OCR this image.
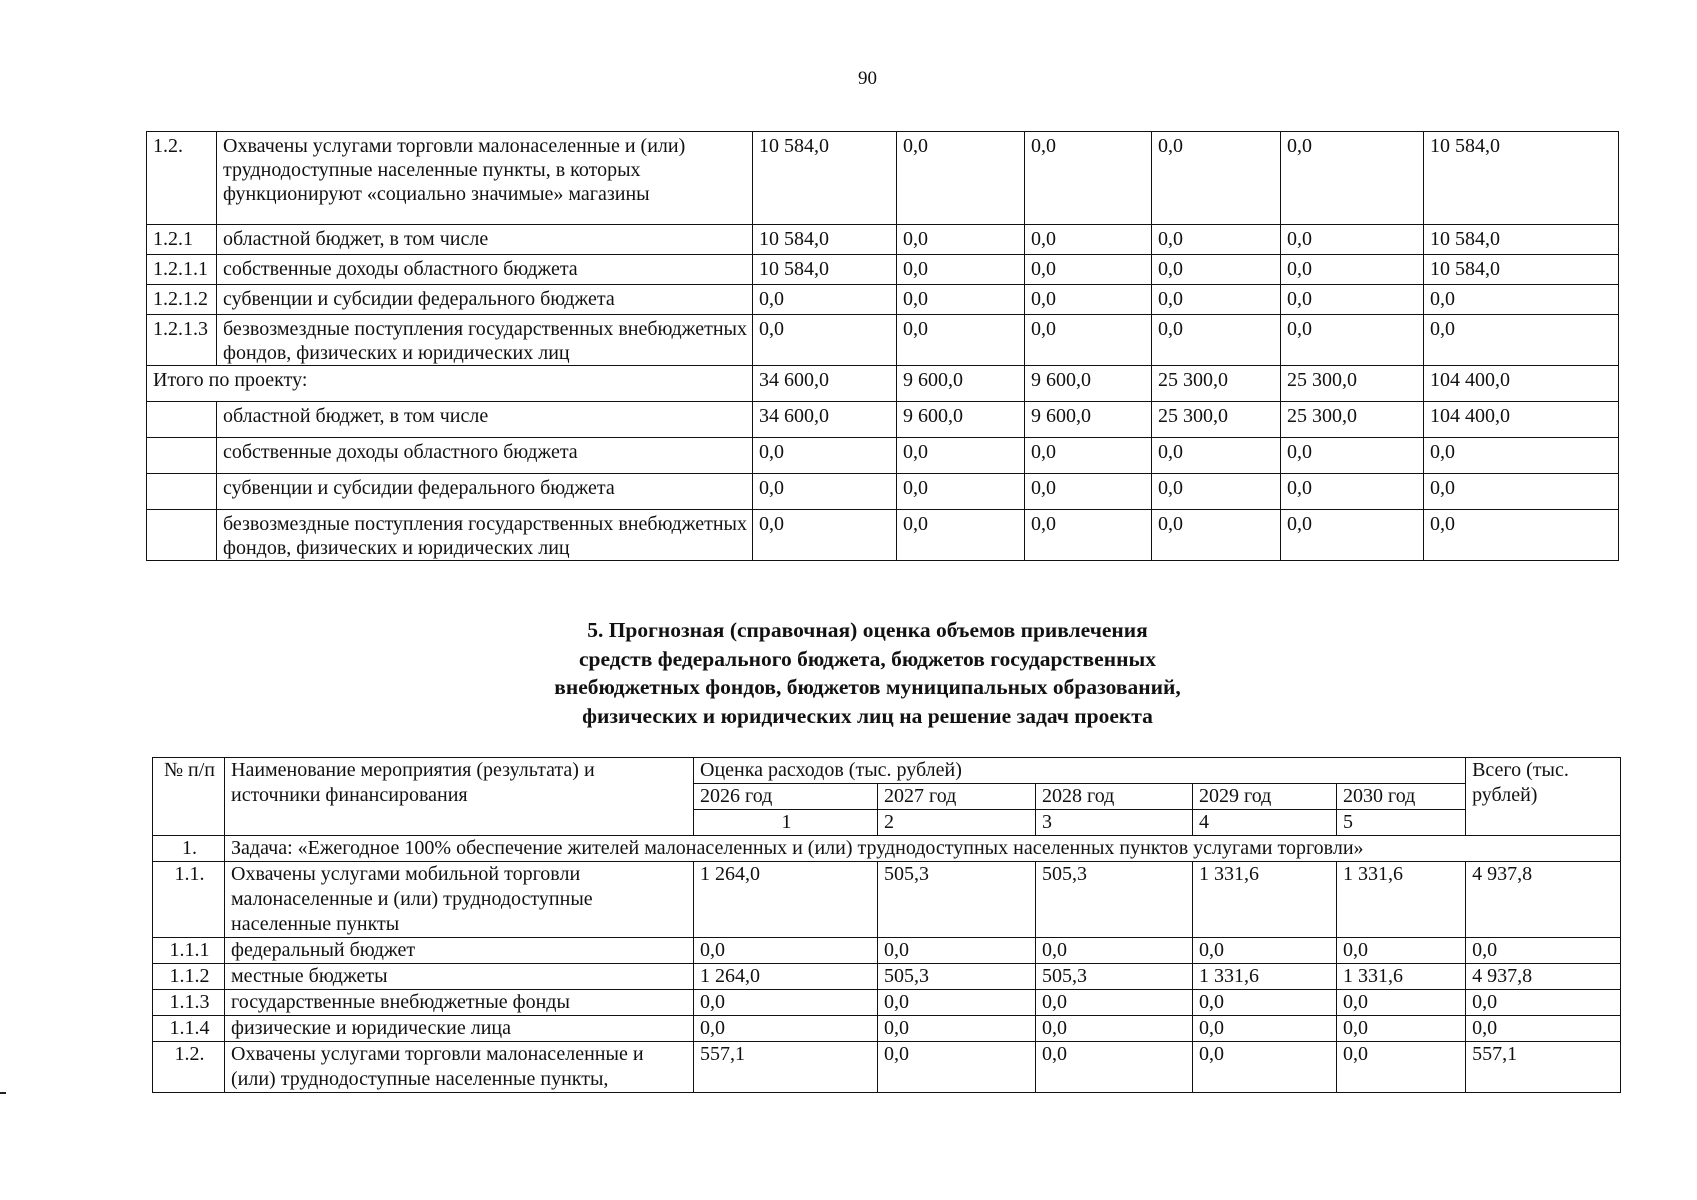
90
1.2.	Охвачены услугами торговли малонаселенные и (или) труднодоступные населенные пункты, в которых функционируют «социально значимые» магазины	10 584,0	0,0	0,0	0,0	0,0	10 584,0
1.2.1	областной бюджет, в том числе	10 584,0	0,0	0,0	0,0	0,0	10 584,0
1.2.1.1	собственные доходы областного бюджета	10 584,0	0,0	0,0	0,0	0,0	10 584,0
1.2.1.2	субвенции и субсидии федерального бюджета	0,0	0,0	0,0	0,0	0,0	0,0
1.2.1.3	безвозмездные поступления государственных внебюджетных фондов, физических и юридических лиц	0,0	0,0	0,0	0,0	0,0	0,0
Итого по проекту:		34 600,0	9 600,0	9 600,0	25 300,0	25 300,0	104 400,0
	областной бюджет, в том числе	34 600,0	9 600,0	9 600,0	25 300,0	25 300,0	104 400,0
	собственные доходы областного бюджета	0,0	0,0	0,0	0,0	0,0	0,0
	субвенции и субсидии федерального бюджета	0,0	0,0	0,0	0,0	0,0	0,0
	безвозмездные поступления государственных внебюджетных фондов, физических и юридических лиц	0,0	0,0	0,0	0,0	0,0	0,0
5. Прогнозная (справочная) оценка объемов привлечения
средств федерального бюджета, бюджетов государственных
внебюджетных фондов, бюджетов муниципальных образований,
физических и юридических лиц на решение задач проекта
№ п/п	Наименование мероприятия (результата) и источники финансирования	Оценка расходов (тыс. рублей)					Всего (тыс. рублей)	
		2026 год	2027 год	2028 год	2029 год	2030 год		
		1	2	3	4	5			
1.	Задача: «Ежегодное 100% обеспечение жителей малонаселенных и (или) труднодоступных населенных пунктов услугами торговли»							
1.1.	Охвачены услугами мобильной торговли малонаселенные и (или) труднодоступные населенные пункты	1 264,0	505,3	505,3	1 331,6	1 331,6	4 937,8	
1.1.1	федеральный бюджет	0,0	0,0	0,0	0,0	0,0	0,0	
1.1.2	местные бюджеты	1 264,0	505,3	505,3	1 331,6	1 331,6	4 937,8	
1.1.3	государственные внебюджетные фонды	0,0	0,0	0,0	0,0	0,0	0,0	
1.1.4	физические и юридические лица	0,0	0,0	0,0	0,0	0,0	0,0	
1.2.	Охвачены услугами торговли малонаселенные и (или) труднодоступные населенные пункты,	557,1	0,0	0,0	0,0	0,0	557,1	
